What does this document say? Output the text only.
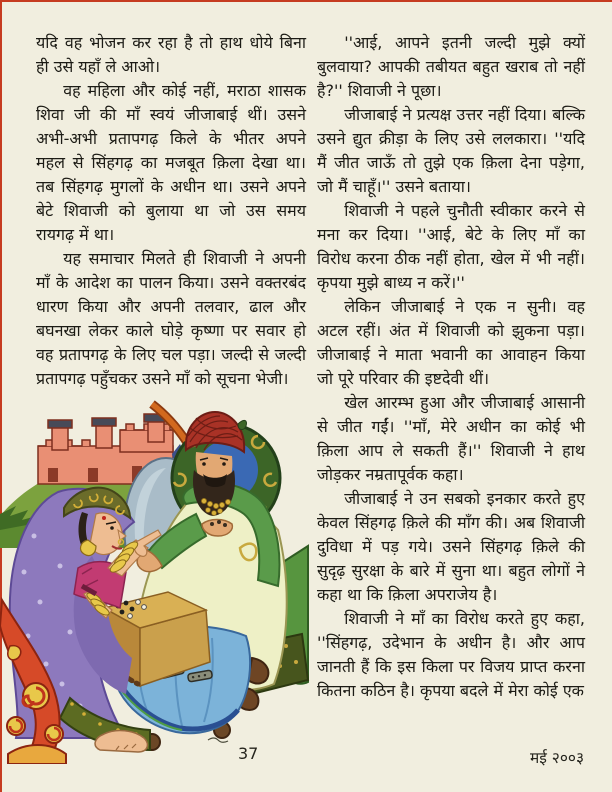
यदि वह भोजन कर रहा है तो हाथ धोये बिना ही उसे यहाँ ले आओ।

वह महिला और कोई नहीं, मराठा शासक शिवा जी की माँ स्वयं जीजाबाई थीं। उसने अभी-अभी प्रतापगढ़ किले के भीतर अपने महल से सिंहगढ़ का मजबूत क़िला देखा था। तब सिंहगढ़ मुगलों के अधीन था। उसने अपने बेटे शिवाजी को बुलाया था जो उस समय रायगढ़ में था।

यह समाचार मिलते ही शिवाजी ने अपनी माँ के आदेश का पालन किया। उसने वक्तरबंद धारण किया और अपनी तलवार, ढाल और बघनखा लेकर काले घोड़े कृष्णा पर सवार हो वह प्रतापगढ़ के लिए चल पड़ा। जल्दी से जल्दी प्रतापगढ़ पहुँचकर उसने माँ को सूचना भेजी।

''आई, आपने इतनी जल्दी मुझे क्यों बुलवाया? आपकी तबीयत बहुत खराब तो नहीं है?'' शिवाजी ने पूछा।

जीजाबाई ने प्रत्यक्ष उत्तर नहीं दिया। बल्कि उसने द्युत क्रीड़ा के लिए उसे ललकारा। ''यदि मैं जीत जाऊँ तो तुझे एक क़िला देना पड़ेगा, जो मैं चाहूँ।'' उसने बताया।

शिवाजी ने पहले चुनौती स्वीकार करने से मना कर दिया। ''आई, बेटे के लिए माँ का विरोध करना ठीक नहीं होता, खेल में भी नहीं। कृपया मुझे बाध्य न करें।''

लेकिन जीजाबाई ने एक न सुनी। वह अटल रहीं। अंत में शिवाजी को झुकना पड़ा। जीजाबाई ने माता भवानी का आवाहन किया जो पूरे परिवार की इष्टदेवी थीं।

खेल आरम्भ हुआ और जीजाबाई आसानी से जीत गईं। ''माँ, मेरे अधीन का कोई भी क़िला आप ले सकती हैं।'' शिवाजी ने हाथ जोड़कर नम्रतापूर्वक कहा।

जीजाबाई ने उन सबको इनकार करते हुए केवल सिंहगढ़ क़िले की माँग की। अब शिवाजी दुविधा में पड़ गये। उसने सिंहगढ़ क़िले की सुदृढ़ सुरक्षा के बारे में सुना था। बहुत लोगों ने कहा था कि क़िला अपराजेय है।

शिवाजी ने माँ का विरोध करते हुए कहा, ''सिंहगढ़, उदेभान के अधीन है। और आप जानती हैं कि इस किला पर विजय प्राप्त करना कितना कठिन है। कृपया बदले में मेरा कोई एक

37	मई २००३
